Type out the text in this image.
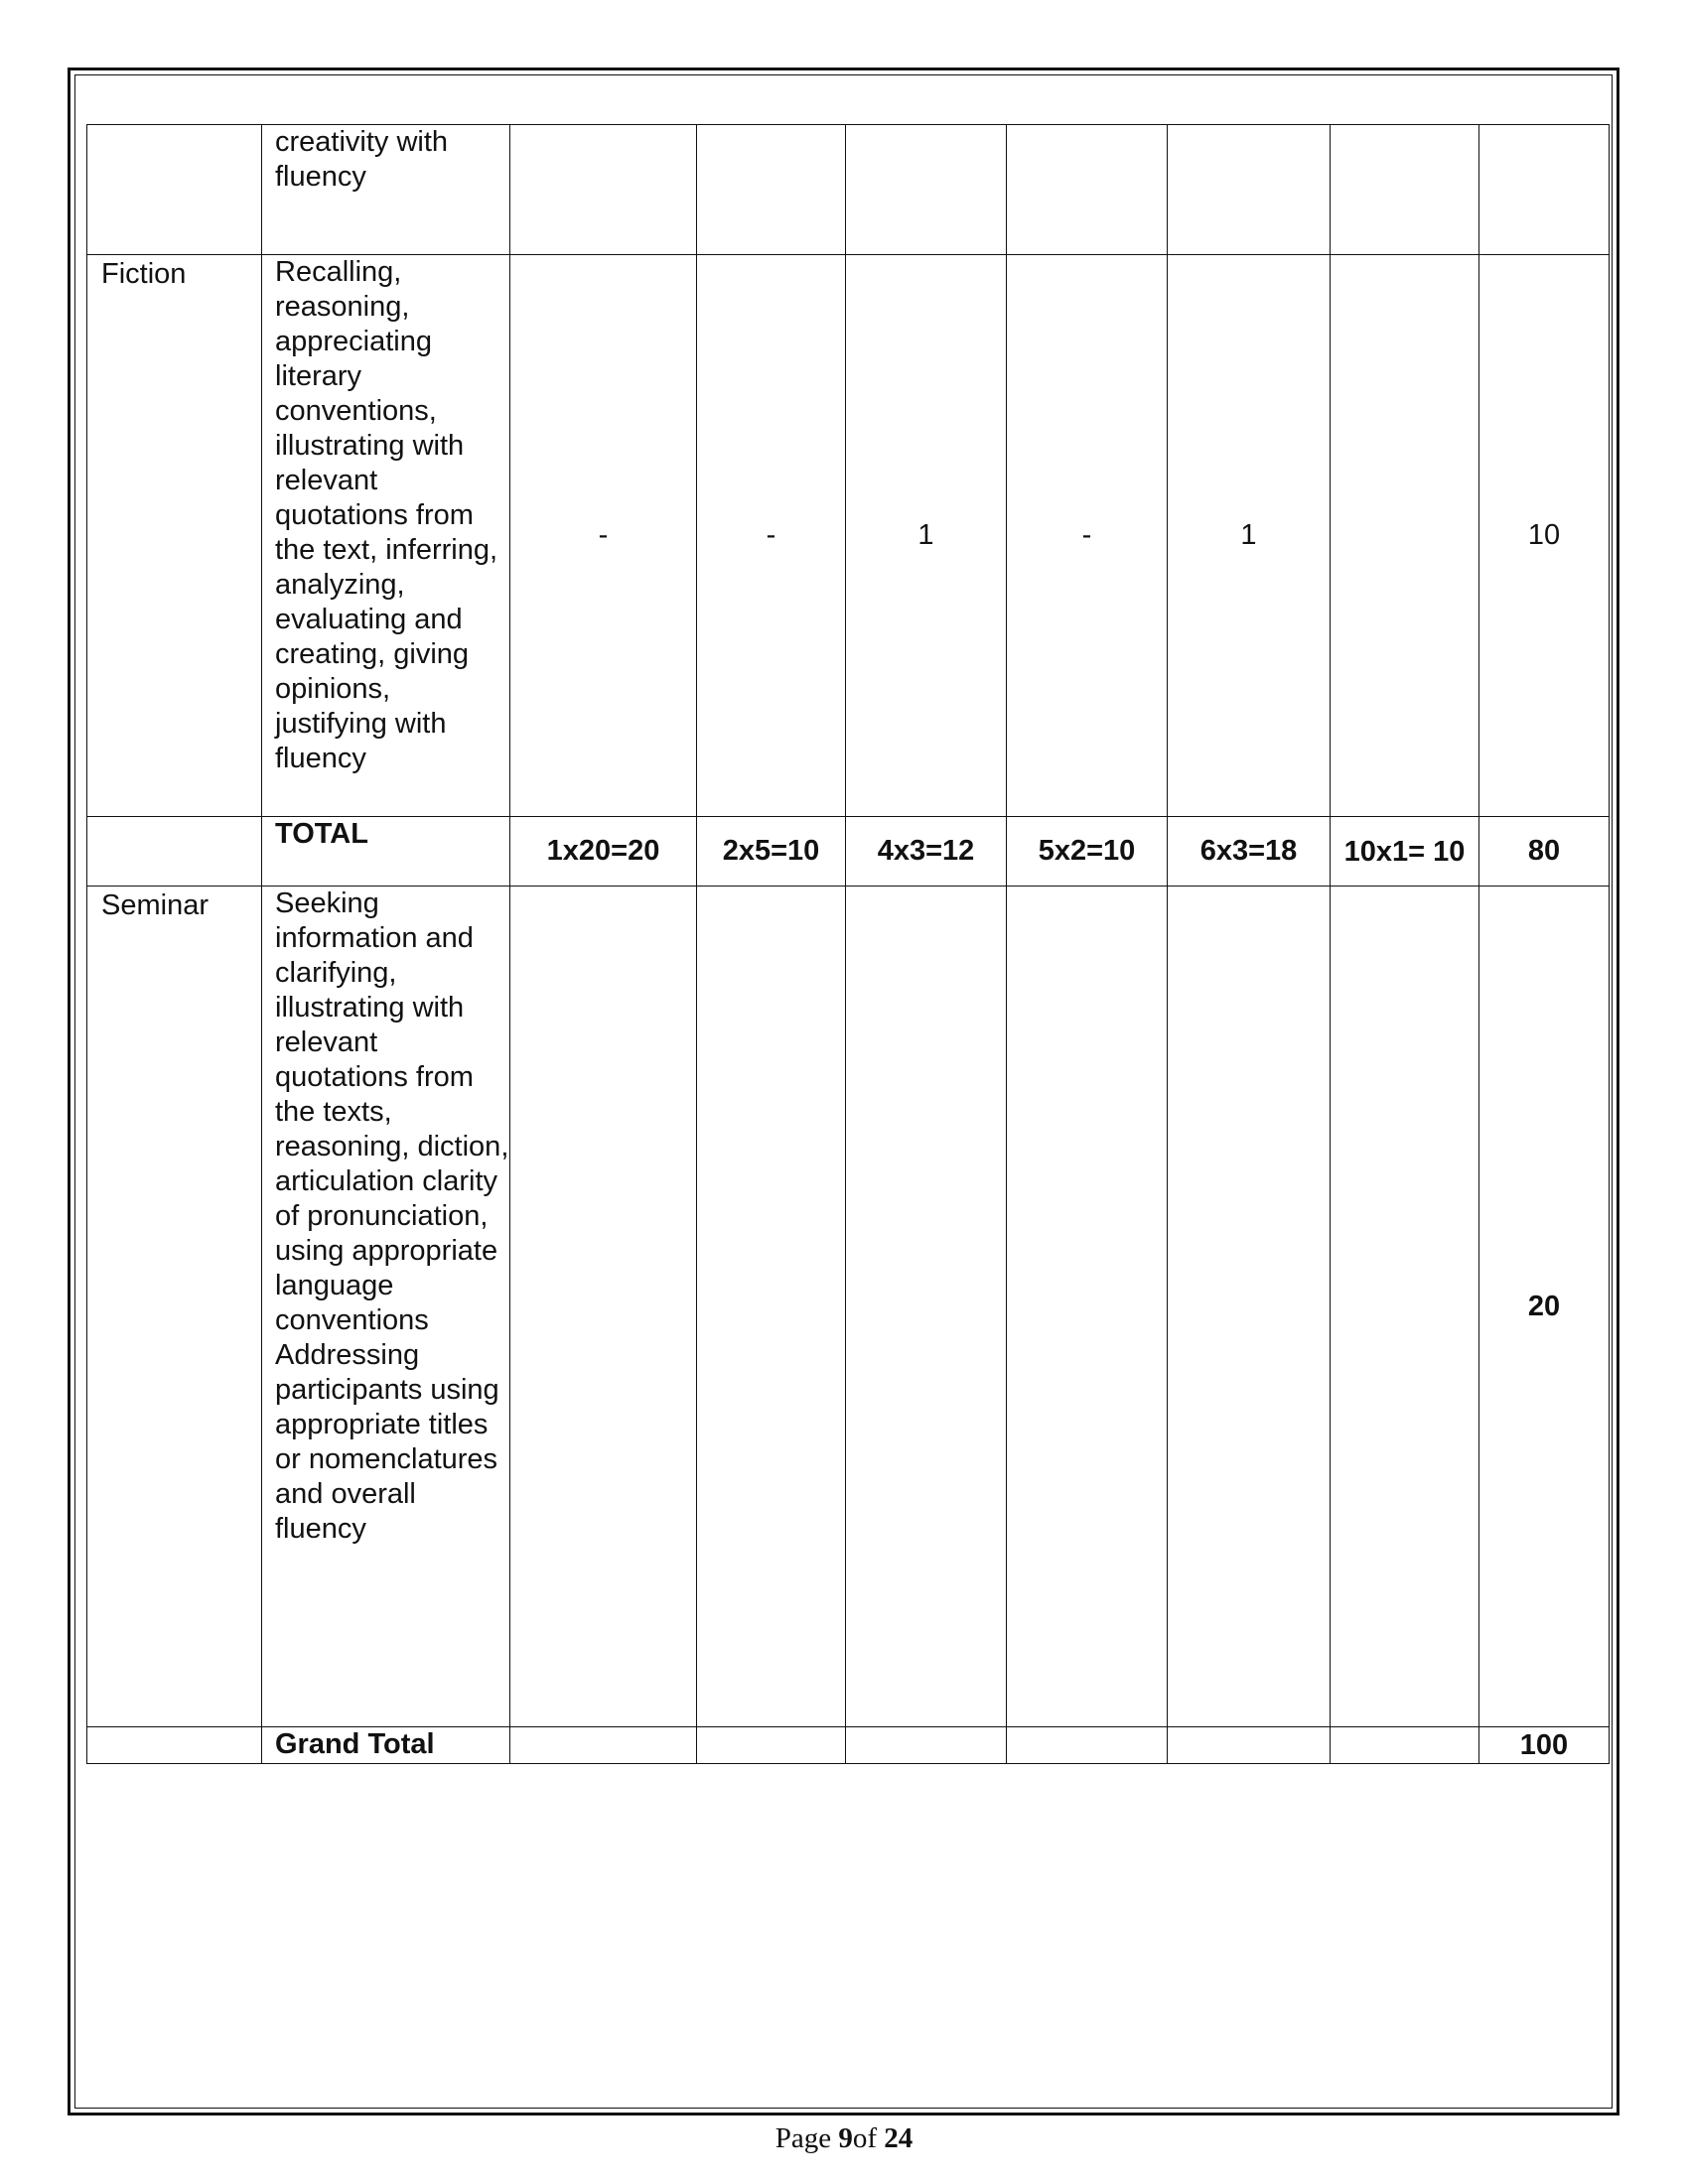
	creativity with fluency							
Fiction	Recalling, reasoning, appreciating literary conventions, illustrating with relevant quotations from the text, inferring, analyzing, evaluating and creating, giving opinions, justifying with fluency	-	-	1	-	1		10
	TOTAL	1x20=20	2x5=10	4x3=12	5x2=10	6x3=18	10x1= 10	80
Seminar	Seeking information and clarifying, illustrating with relevant quotations from the texts, reasoning, diction, articulation clarity of pronunciation, using appropriate language conventions Addressing participants using appropriate titles or nomenclatures and overall fluency							20
	Grand Total							100
Page 9of 24
